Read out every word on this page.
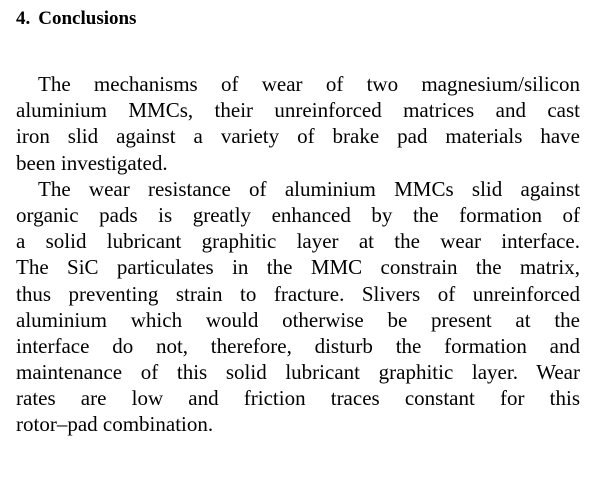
4. Conclusions
The mechanisms of wear of two magnesium/silicon
aluminium MMCs, their unreinforced matrices and cast
iron slid against a variety of brake pad materials have
been investigated.
The wear resistance of aluminium MMCs slid against
organic pads is greatly enhanced by the formation of
a solid lubricant graphitic layer at the wear interface.
The SiC particulates in the MMC constrain the matrix,
thus preventing strain to fracture. Slivers of unreinforced
aluminium which would otherwise be present at the
interface do not, therefore, disturb the formation and
maintenance of this solid lubricant graphitic layer. Wear
rates are low and friction traces constant for this
rotor–pad combination.
